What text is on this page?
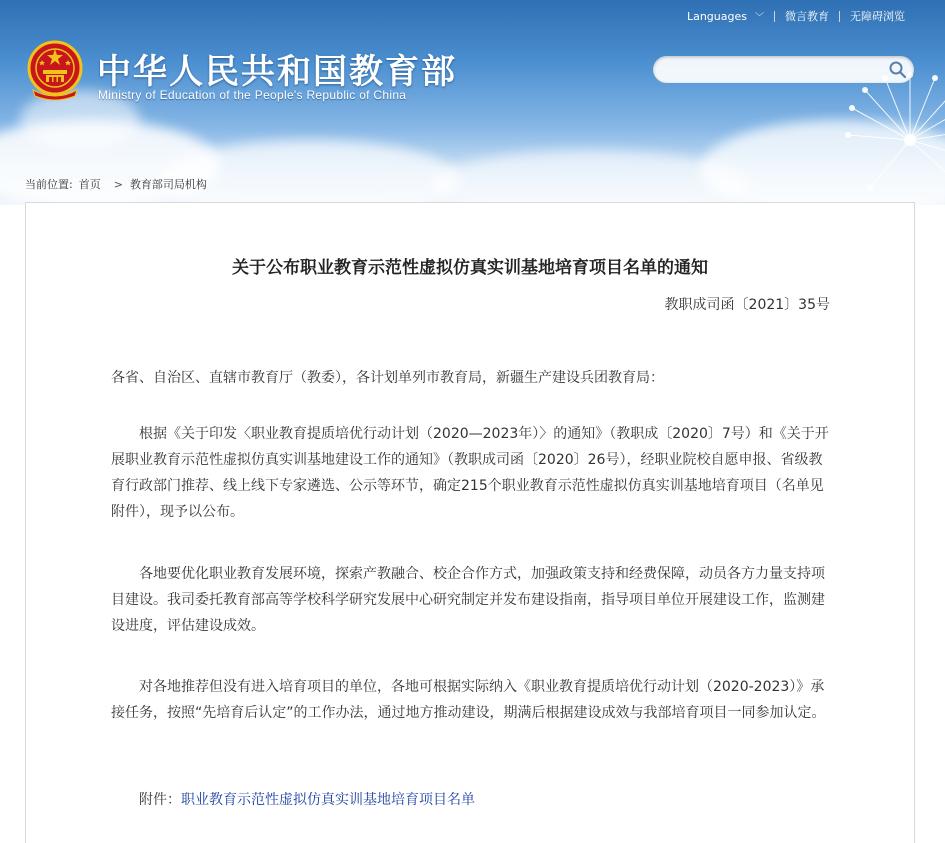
Languages ﹀	微言教育	无障碍浏览
中华人民共和国教育部
Ministry of Education of the People's Republic of China
当前位置: 首页 > 教育部司局机构
关于公布职业教育示范性虚拟仿真实训基地培育项目名单的通知
教职成司函〔2021〕35号
各省、自治区、直辖市教育厅（教委），各计划单列市教育局，新疆生产建设兵团教育局：
根据《关于印发〈职业教育提质培优行动计划（2020—2023年）〉的通知》（教职成〔2020〕7号）和《关于开展职业教育示范性虚拟仿真实训基地建设工作的通知》（教职成司函〔2020〕26号），经职业院校自愿申报、省级教育行政部门推荐、线上线下专家遴选、公示等环节，确定215个职业教育示范性虚拟仿真实训基地培育项目（名单见附件），现予以公布。
各地要优化职业教育发展环境，探索产教融合、校企合作方式，加强政策支持和经费保障，动员各方力量支持项目建设。我司委托教育部高等学校科学研究发展中心研究制定并发布建设指南，指导项目单位开展建设工作，监测建设进度，评估建设成效。
对各地推荐但没有进入培育项目的单位，各地可根据实际纳入《职业教育提质培优行动计划（2020-2023）》承接任务，按照“先培育后认定”的工作办法，通过地方推动建设，期满后根据建设成效与我部培育项目一同参加认定。
附件：职业教育示范性虚拟仿真实训基地培育项目名单
